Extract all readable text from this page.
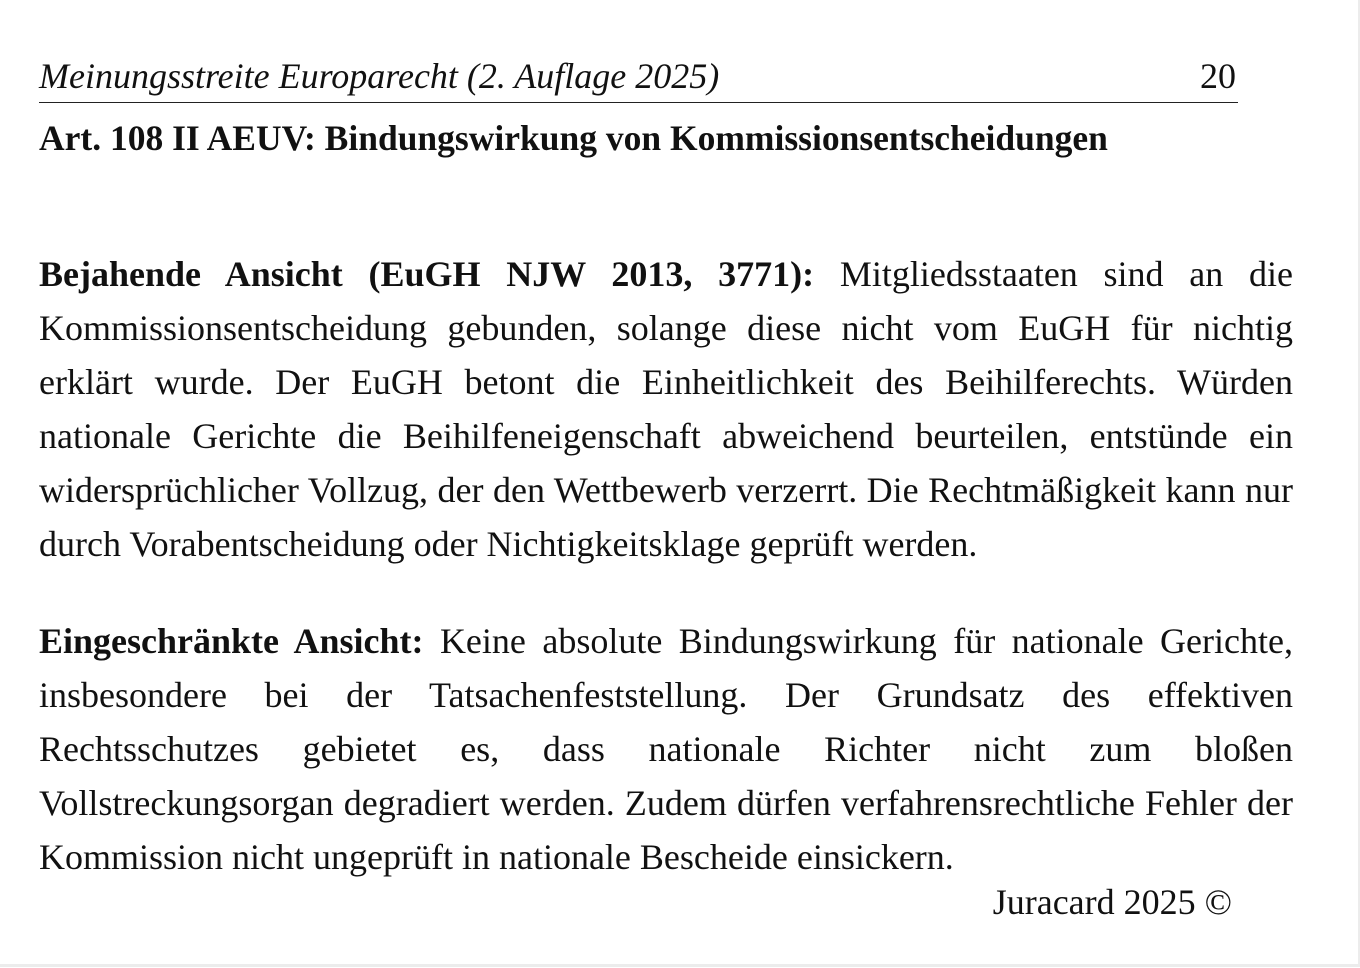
Meinungsstreite Europarecht (2. Auflage 2025)	20
Art. 108 II AEUV: Bindungswirkung von Kommissionsentscheidungen

Bejahende Ansicht (EuGH NJW 2013, 3771): Mitgliedsstaaten sind an die Kommissionsentscheidung gebunden, solange diese nicht vom EuGH für nichtig erklärt wurde. Der EuGH betont die Einheitlichkeit des Beihilferechts. Würden nationale Gerichte die Beihilfeneigenschaft abweichend beurteilen, entstünde ein widersprüchlicher Vollzug, der den Wettbewerb verzerrt. Die Rechtmäßigkeit kann nur durch Vorabentscheidung oder Nichtigkeitsklage geprüft werden.

Eingeschränkte Ansicht: Keine absolute Bindungswirkung für nationale Gerichte, insbesondere bei der Tatsachenfeststellung. Der Grundsatz des effektiven Rechtsschutzes gebietet es, dass nationale Richter nicht zum bloßen Vollstreckungsorgan degradiert werden. Zudem dürfen verfahrensrechtliche Fehler der Kommission nicht ungeprüft in nationale Bescheide einsickern.

Juracard 2025 ©
